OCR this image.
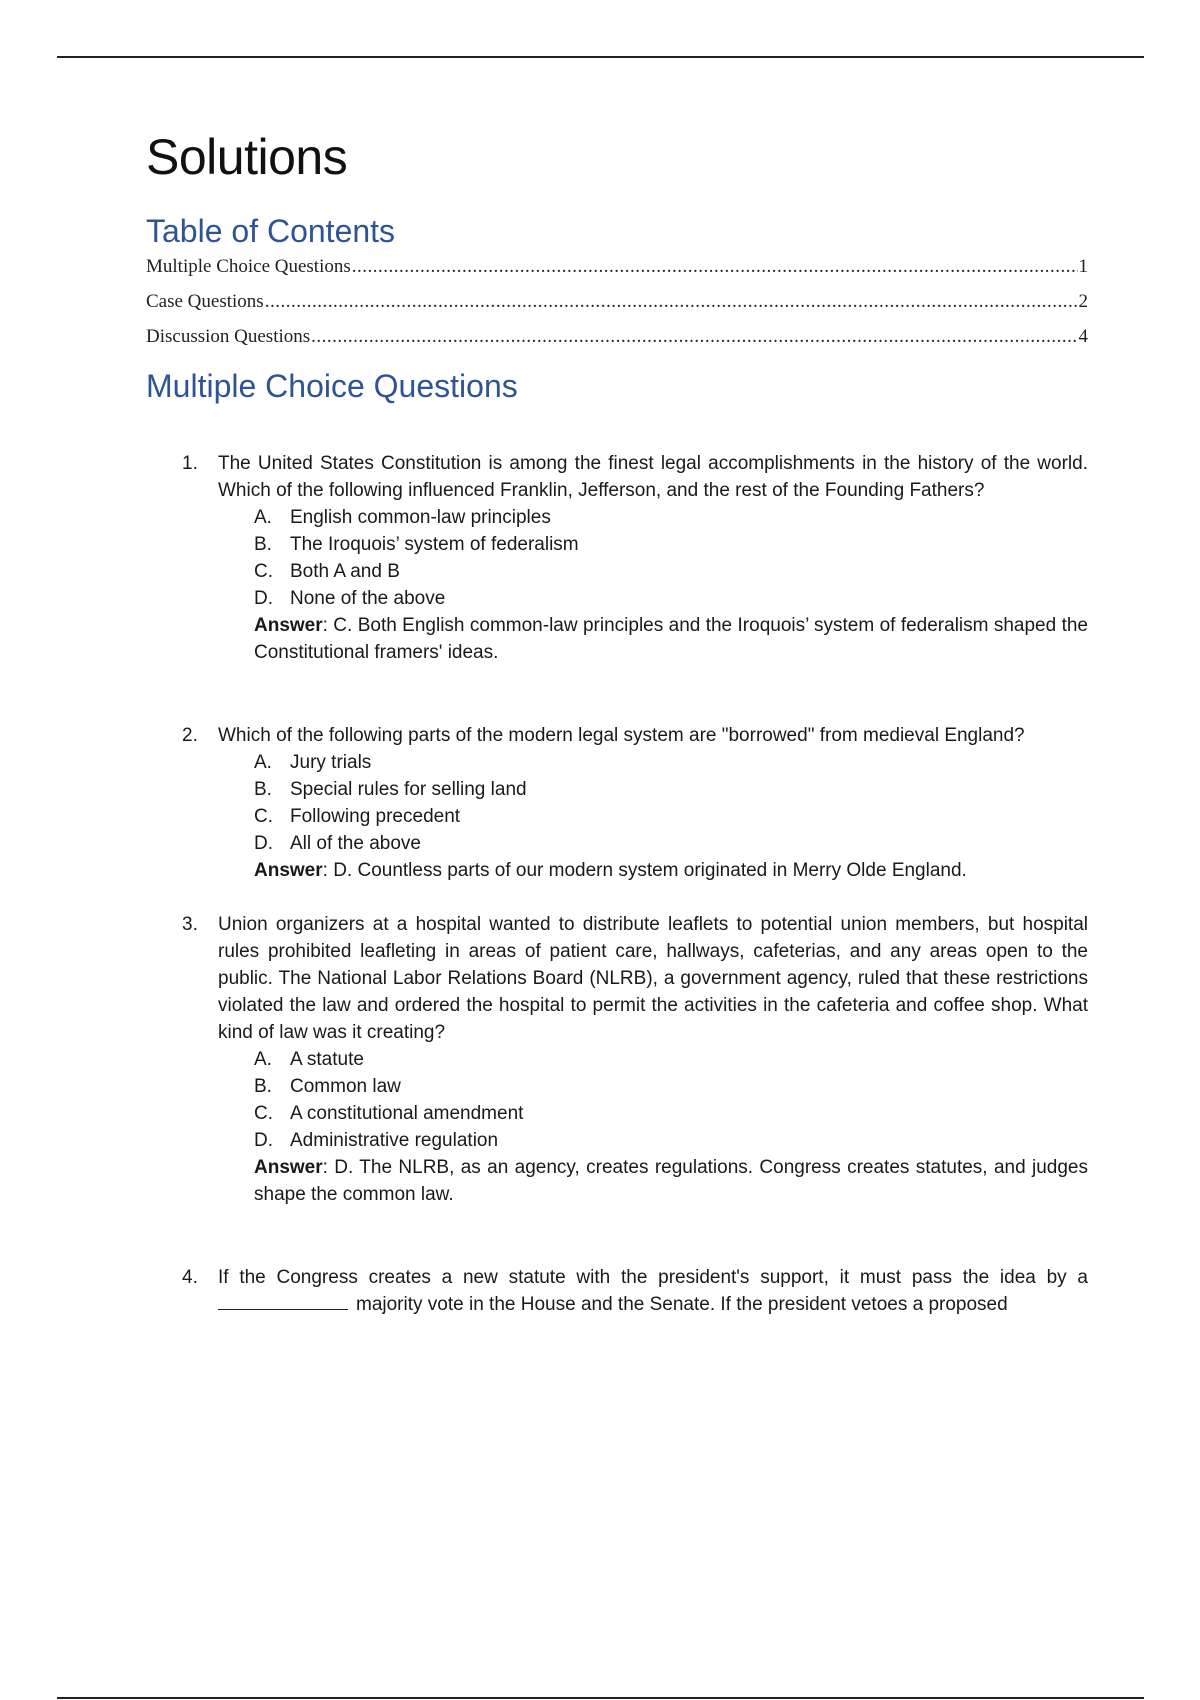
Solutions
Table of Contents
Multiple Choice Questions .....	1
Case Questions .....	2
Discussion Questions .....	4
Multiple Choice Questions
1.	The United States Constitution is among the finest legal accomplishments in the history of the world. Which of the following influenced Franklin, Jefferson, and the rest of the Founding Fathers?
A. English common-law principles
B. The Iroquois’ system of federalism
C. Both A and B
D. None of the above
Answer: C. Both English common-law principles and the Iroquois’ system of federalism shaped the Constitutional framers' ideas.
2.	Which of the following parts of the modern legal system are "borrowed" from medieval England?
A. Jury trials
B. Special rules for selling land
C. Following precedent
D. All of the above
Answer: D. Countless parts of our modern system originated in Merry Olde England.
3.	Union organizers at a hospital wanted to distribute leaflets to potential union members, but hospital rules prohibited leafleting in areas of patient care, hallways, cafeterias, and any areas open to the public. The National Labor Relations Board (NLRB), a government agency, ruled that these restrictions violated the law and ordered the hospital to permit the activities in the cafeteria and coffee shop. What kind of law was it creating?
A. A statute
B. Common law
C. A constitutional amendment
D. Administrative regulation
Answer: D. The NLRB, as an agency, creates regulations. Congress creates statutes, and judges shape the common law.
4.	If the Congress creates a new statute with the president's support, it must pass the idea by a majority vote in the House and the Senate. If the president vetoes a proposed
